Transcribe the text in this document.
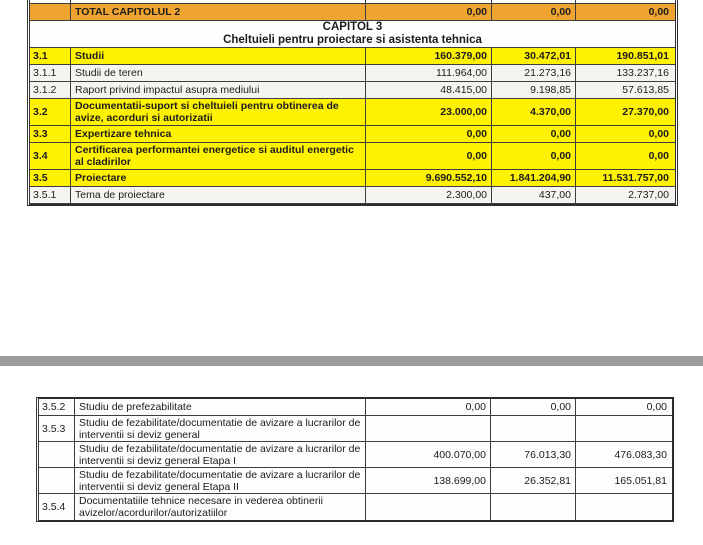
TOTAL CAPITOLUL 2	0,00	0,00	0,00
CAPITOL 3
Cheltuieli pentru proiectare si asistenta tehnica
3.1	Studii	160.379,00	30.472,01	190.851,01
3.1.1	Studii de teren	111.964,00	21.273,16	133.237,16
3.1.2	Raport privind impactul asupra mediului	48.415,00	9.198,85	57.613,85
3.2	Documentatii-suport si cheltuieli pentru obtinerea de avize, acorduri si autorizatii	23.000,00	4.370,00	27.370,00
3.3	Expertizare tehnica	0,00	0,00	0,00
3.4	Certificarea performantei energetice si auditul energetic al cladirilor	0,00	0,00	0,00
3.5	Proiectare	9.690.552,10	1.841.204,90	11.531.757,00
3.5.1	Tema de proiectare	2.300,00	437,00	2.737,00
3.5.2	Studiu de prefezabilitate	0,00	0,00	0,00
3.5.3	Studiu de fezabilitate/documentatie de avizare a lucrarilor de interventii si deviz general
Studiu de fezabilitate/documentatie de avizare a lucrarilor de interventii si deviz general Etapa I	400.070,00	76.013,30	476.083,30
Studiu de fezabilitate/documentatie de avizare a lucrarilor de interventii si deviz general Etapa II	138.699,00	26.352,81	165.051,81
3.5.4	Documentatiile tehnice necesare in vederea obtinerii avizelor/acordurilor/autorizatiilor
